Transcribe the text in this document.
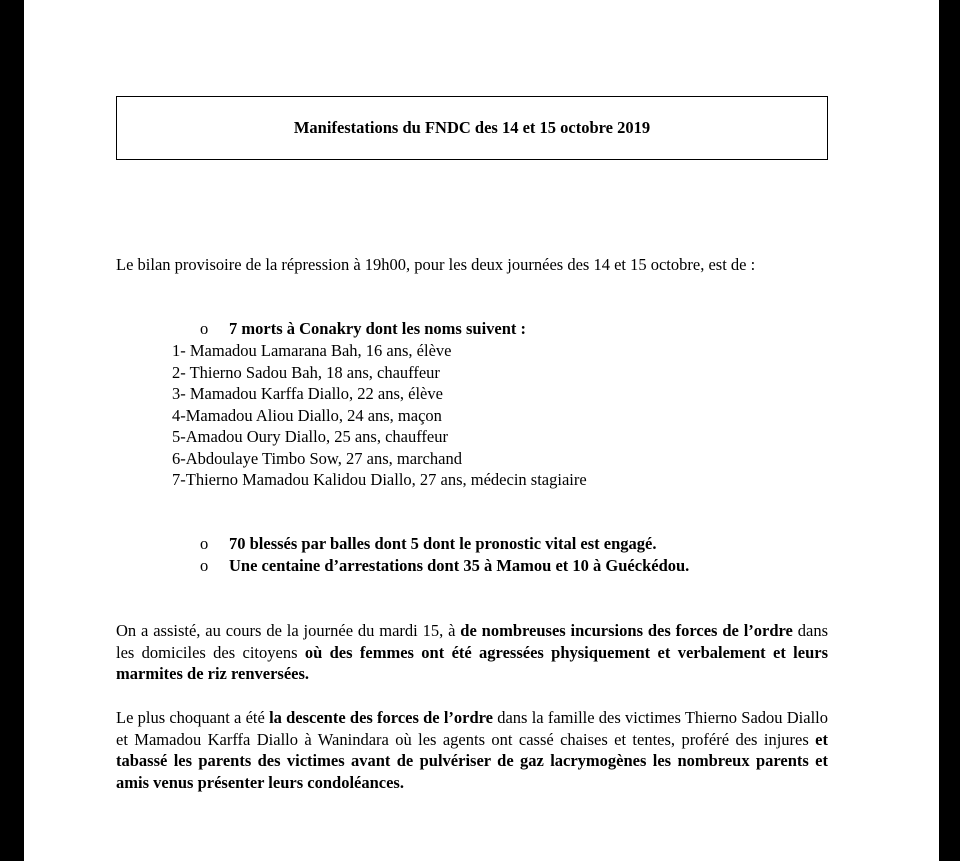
Manifestations du FNDC des 14 et 15 octobre 2019

Le bilan provisoire de la répression à 19h00, pour les deux journées des 14 et 15 octobre, est de :

o 7 morts à Conakry dont les noms suivent :
1- Mamadou Lamarana Bah, 16 ans, élève
2- Thierno Sadou Bah, 18 ans, chauffeur
3- Mamadou Karffa Diallo, 22 ans, élève
4-Mamadou Aliou Diallo, 24 ans, maçon
5-Amadou Oury Diallo, 25 ans, chauffeur
6-Abdoulaye Timbo Sow, 27 ans, marchand
7-Thierno Mamadou Kalidou Diallo, 27 ans, médecin stagiaire
o 70 blessés par balles dont 5 dont le pronostic vital est engagé.
o Une centaine d’arrestations dont 35 à Mamou et 10 à Guéckédou.

On a assisté, au cours de la journée du mardi 15, à de nombreuses incursions des forces de l’ordre dans les domiciles des citoyens où des femmes ont été agressées physiquement et verbalement et leurs marmites de riz renversées.

Le plus choquant a été la descente des forces de l’ordre dans la famille des victimes Thierno Sadou Diallo et Mamadou Karffa Diallo à Wanindara où les agents ont cassé chaises et tentes, proféré des injures et tabassé les parents des victimes avant de pulvériser de gaz lacrymogènes les nombreux parents et amis venus présenter leurs condoléances.
